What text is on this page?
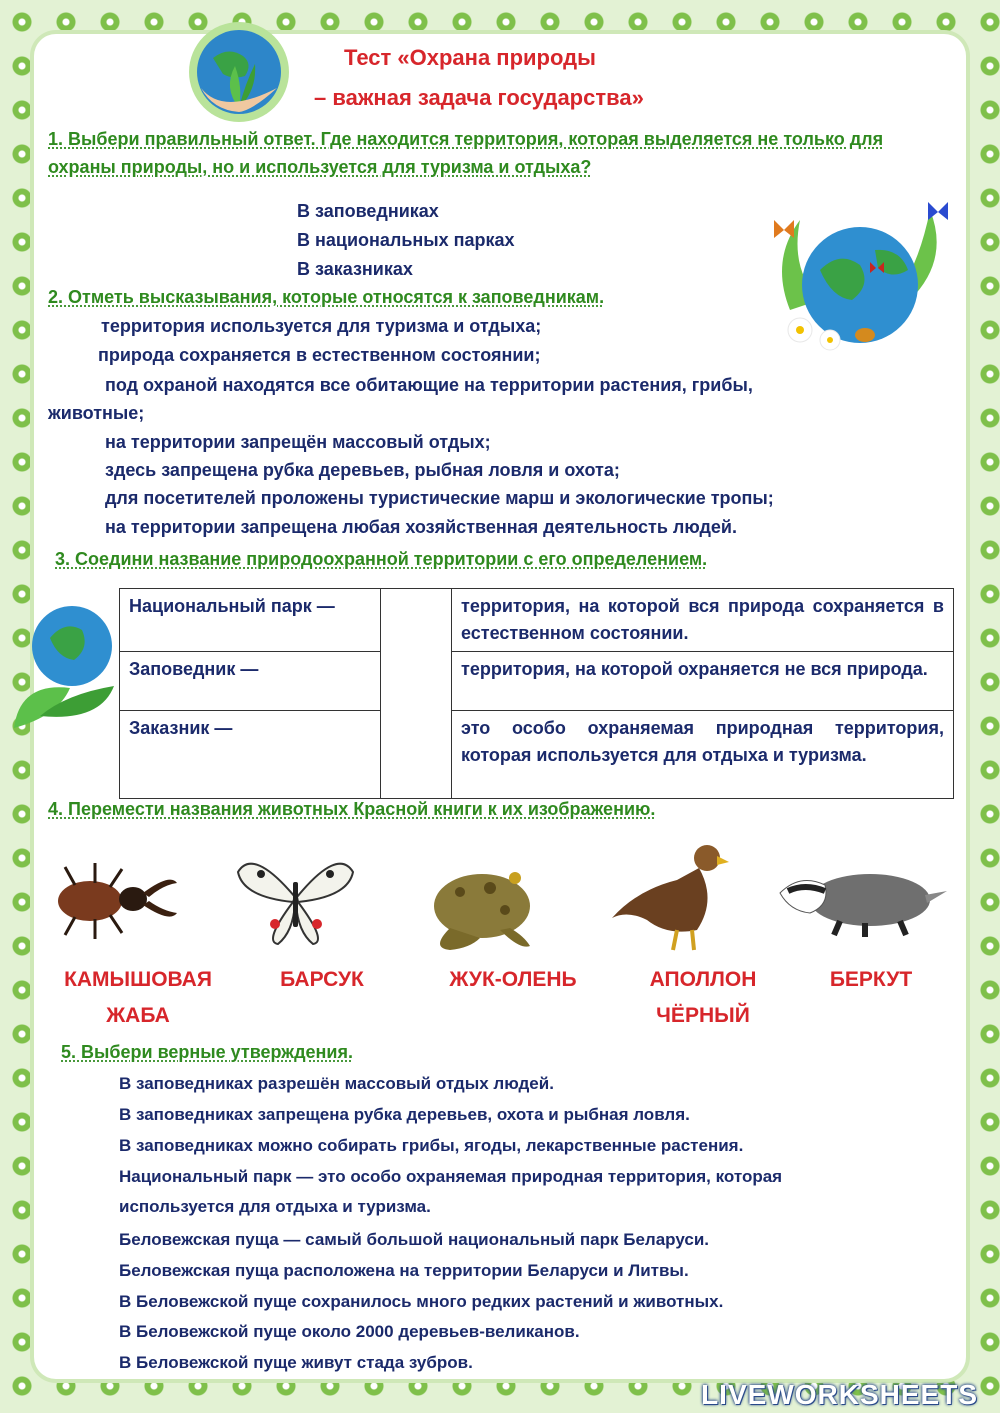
Тест «Охрана природы
– важная задача государства»
1. Выбери правильный ответ. Где находится территория, которая выделяется не только для
охраны природы, но и используется для туризма и отдыха?
В заповедниках
В национальных парках
В заказниках
2. Отметь высказывания, которые относятся к заповедникам.
территория используется для туризма и отдыха;
природа сохраняется в естественном состоянии;
под охраной находятся все обитающие на территории растения, грибы,
животные;
на территории запрещён массовый отдых;
здесь запрещена рубка деревьев, рыбная ловля и охота;
для посетителей проложены туристические марш и экологические тропы;
на территории запрещена любая хозяйственная деятельность людей.
3. Соедини название природоохранной территории с его определением.
Национальный парк —		территория, на которой вся природа сохраняется в естественном состоянии.
Заповедник —		территория, на которой охраняется не вся природа.
Заказник —		это особо охраняемая природная территория, которая используется для отдыха и туризма.
4. Перемести названия животных Красной книги к их изображению.
КАМЫШОВАЯ
ЖАБА
БАРСУК	ЖУК-ОЛЕНЬ	АПОЛЛОН
ЧЁРНЫЙ
БЕРКУТ
5. Выбери верные утверждения.
В заповедниках разрешён массовый отдых людей.
В заповедниках запрещена рубка деревьев, охота и рыбная ловля.
В заповедниках можно собирать грибы, ягоды, лекарственные растения.
Национальный парк — это особо охраняемая природная территория, которая
используется для отдыха и туризма.
Беловежская пуща — самый большой национальный парк Беларуси.
Беловежская пуща расположена на территории Беларуси и Литвы.
В Беловежской пуще сохранилось много редких растений и животных.
В Беловежской пуще около 2000 деревьев-великанов.
В Беловежской пуще живут стада зубров.
LIVEWORKSHEETS
